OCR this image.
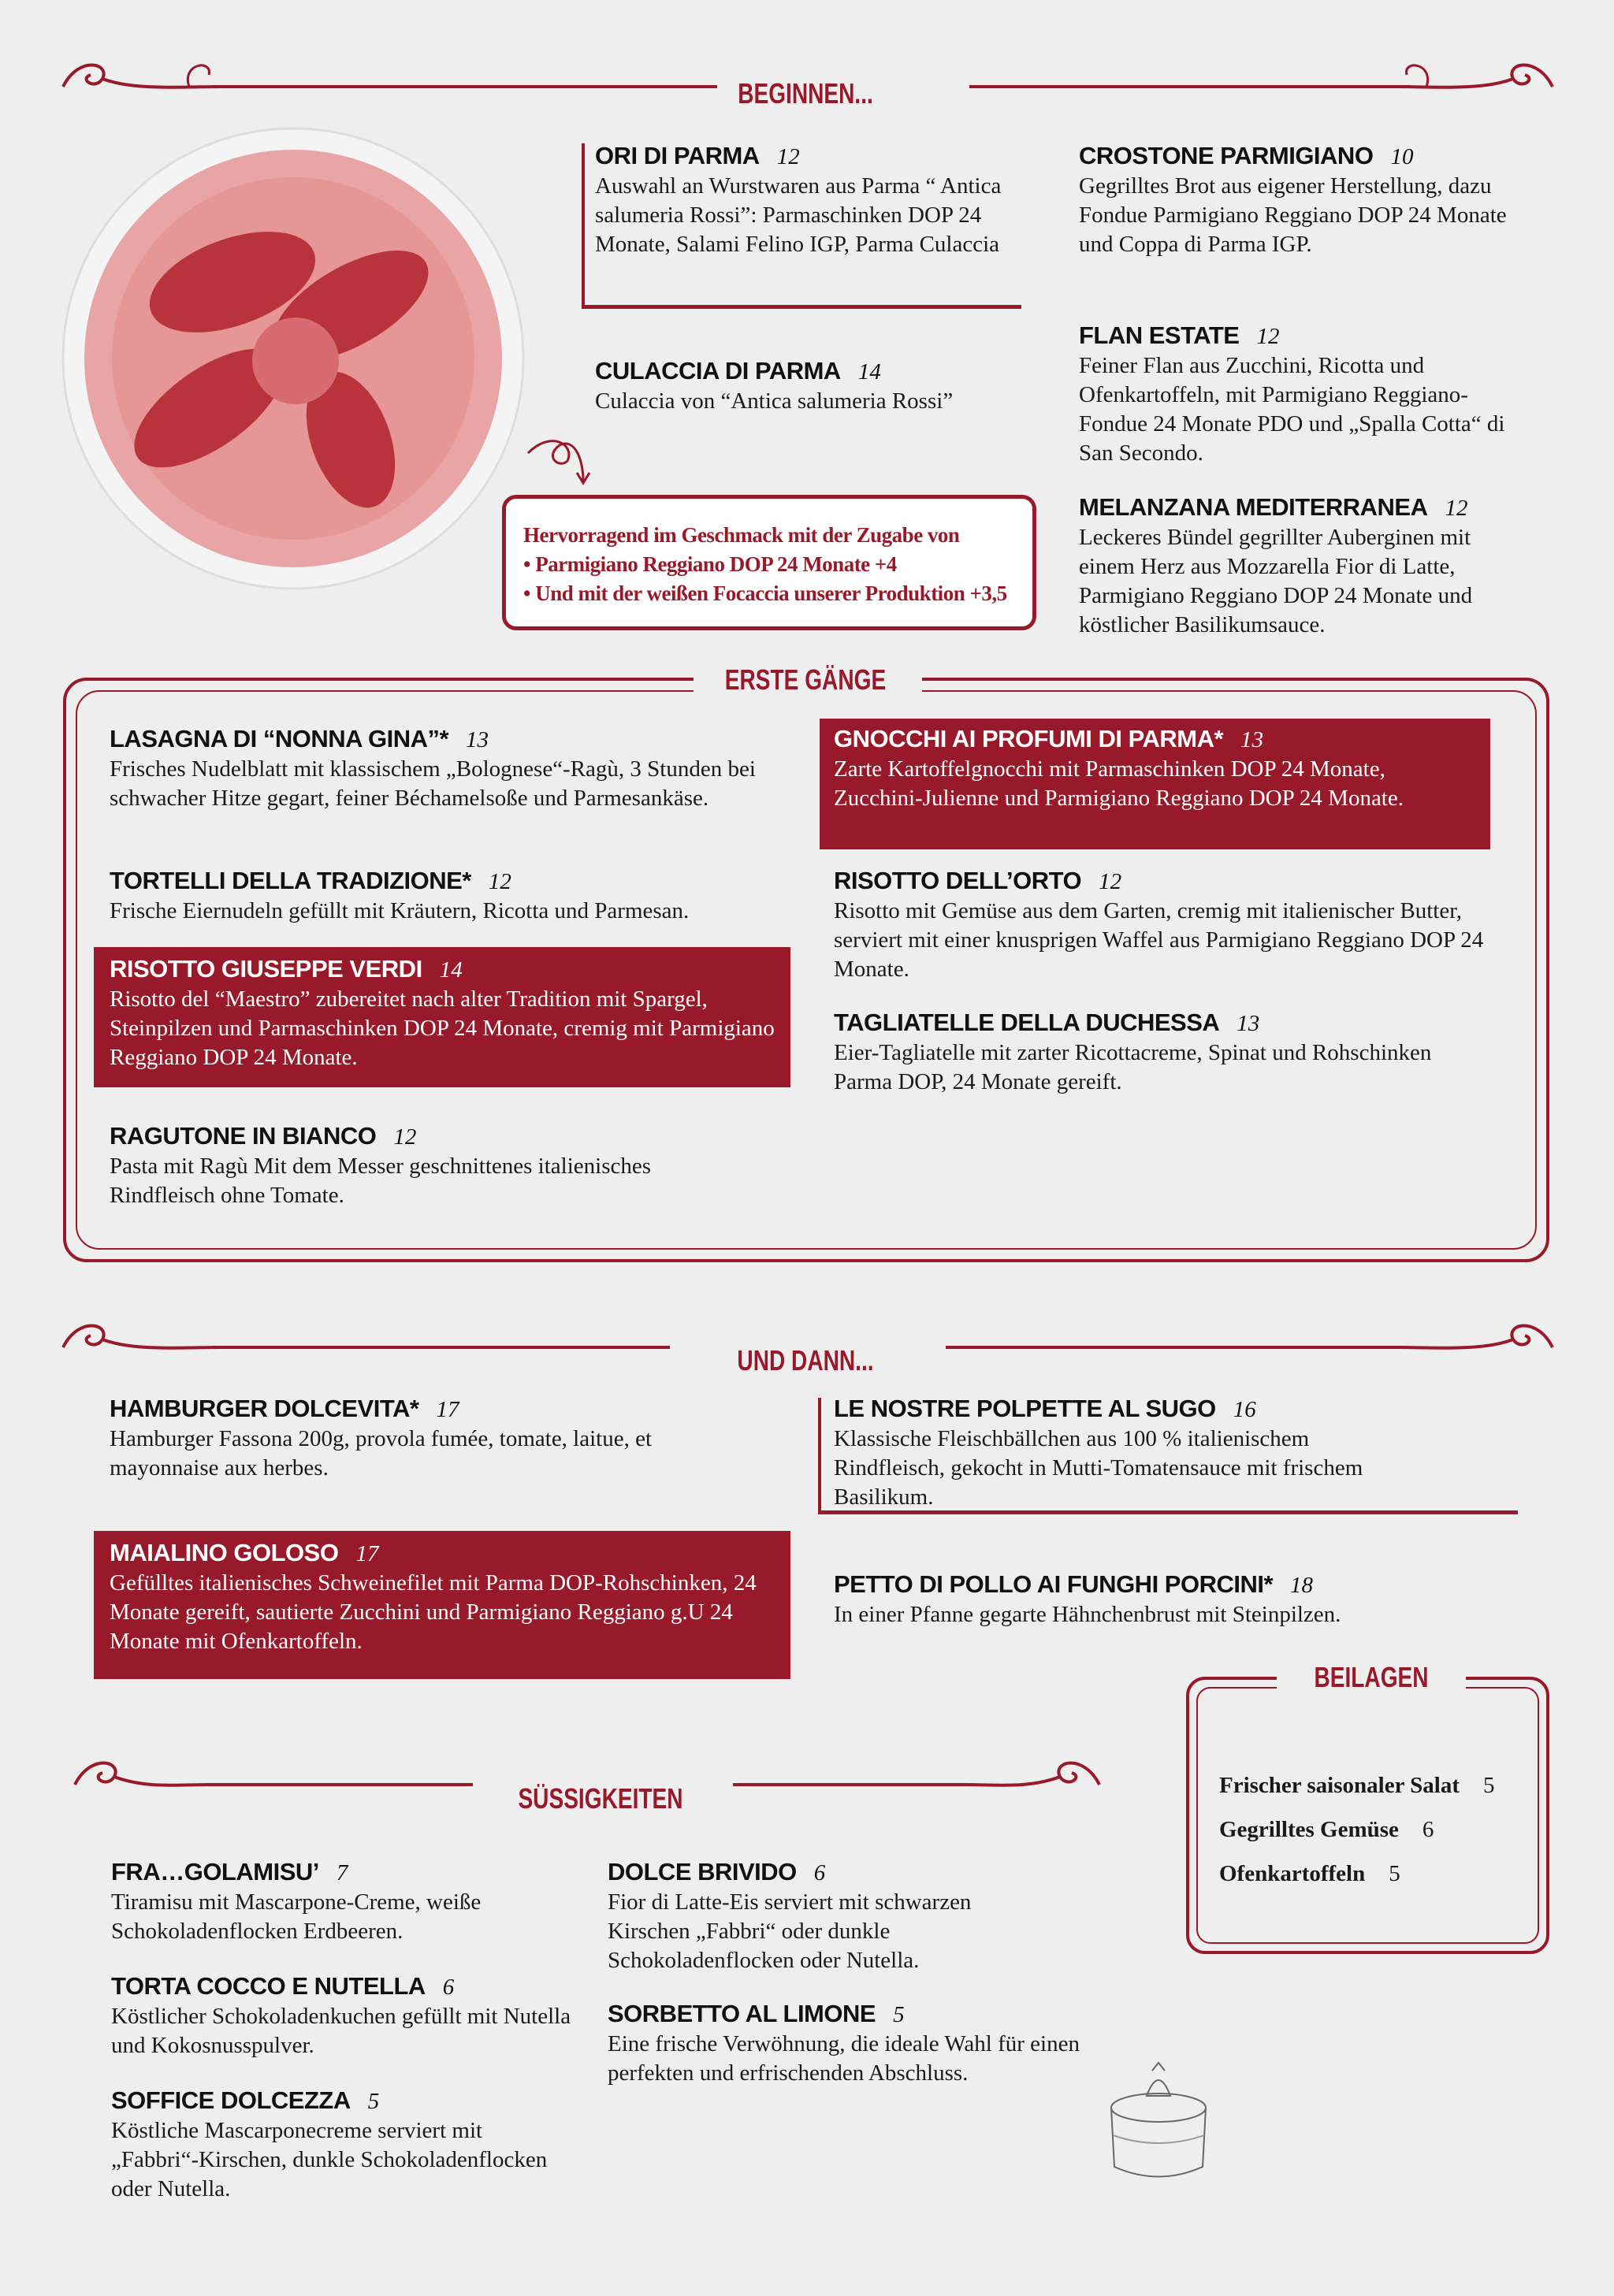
BEGINNEN...
ORI DI PARMA 12
Auswahl an Wurstwaren aus Parma “ Antica salumeria Rossi”: Parmaschinken DOP 24 Monate, Salami Felino IGP, Parma Culaccia
CULACCIA DI PARMA 14
Culaccia von “Antica salumeria Rossi”
CROSTONE PARMIGIANO 10
Gegrilltes Brot aus eigener Herstellung, dazu Fondue Parmigiano Reggiano DOP 24 Monate und Coppa di Parma IGP.
FLAN ESTATE 12
Feiner Flan aus Zucchini, Ricotta und Ofenkartoffeln, mit Parmigiano Reggiano-Fondue 24 Monate PDO und „Spalla Cotta“ di San Secondo.
MELANZANA MEDITERRANEA 12
Leckeres Bündel gegrillter Auberginen mit einem Herz aus Mozzarella Fior di Latte, Parmigiano Reggiano DOP 24 Monate und köstlicher Basilikumsauce.
Hervorragend im Geschmack mit der Zugabe von
• Parmigiano Reggiano DOP 24 Monate +4
• Und mit der weißen Focaccia unserer Produktion +3,5
ERSTE GÄNGE
LASAGNA DI “NONNA GINA”* 13
Frisches Nudelblatt mit klassischem „Bolognese“-Ragù, 3 Stunden bei schwacher Hitze gegart, feiner Béchamelsoße und Parmesankäse.
TORTELLI DELLA TRADIZIONE* 12
Frische Eiernudeln gefüllt mit Kräutern, Ricotta und Parmesan.
RISOTTO GIUSEPPE VERDI 14
Risotto del “Maestro” zubereitet nach alter Tradition mit Spargel, Steinpilzen und Parmaschinken DOP 24 Monate, cremig mit Parmigiano Reggiano DOP 24 Monate.
RAGUTONE IN BIANCO 12
Pasta mit Ragù Mit dem Messer geschnittenes italienisches Rindfleisch ohne Tomate.
GNOCCHI AI PROFUMI DI PARMA* 13
Zarte Kartoffelgnocchi mit Parmaschinken DOP 24 Monate, Zucchini-Julienne und Parmigiano Reggiano DOP 24 Monate.
RISOTTO DELL’ORTO 12
Risotto mit Gemüse aus dem Garten, cremig mit italienischer Butter, serviert mit einer knusprigen Waffel aus Parmigiano Reggiano DOP 24 Monate.
TAGLIATELLE DELLA DUCHESSA 13
Eier-Tagliatelle mit zarter Ricottacreme, Spinat und Rohschinken Parma DOP, 24 Monate gereift.
UND DANN...
HAMBURGER DOLCEVITA* 17
Hamburger Fassona 200g, provola fumée, tomate, laitue, et mayonnaise aux herbes.
MAIALINO GOLOSO 17
Gefülltes italienisches Schweinefilet mit Parma DOP-Rohschinken, 24 Monate gereift, sautierte Zucchini und Parmigiano Reggiano g.U 24 Monate mit Ofenkartoffeln.
LE NOSTRE POLPETTE AL SUGO 16
Klassische Fleischbällchen aus 100 % italienischem Rindfleisch, gekocht in Mutti-Tomatensauce mit frischem Basilikum.
PETTO DI POLLO AI FUNGHI PORCINI* 18
In einer Pfanne gegarte Hähnchenbrust mit Steinpilzen.
BEILAGEN
Frischer saisonaler Salat 5
Gegrilltes Gemüse 6
Ofenkartoffeln 5
SÜSSIGKEITEN
FRA…GOLAMISU’ 7
Tiramisu mit Mascarpone-Creme, weiße Schokoladenflocken Erdbeeren.
TORTA COCCO E NUTELLA 6
Köstlicher Schokoladenkuchen gefüllt mit Nutella und Kokosnusspulver.
SOFFICE DOLCEZZA 5
Köstliche Mascarponecreme serviert mit „Fabbri“-Kirschen, dunkle Schokoladenflocken oder Nutella.
DOLCE BRIVIDO 6
Fior di Latte-Eis serviert mit schwarzen Kirschen „Fabbri“ oder dunkle Schokoladenflocken oder Nutella.
SORBETTO AL LIMONE 5
Eine frische Verwöhnung, die ideale Wahl für einen perfekten und erfrischenden Abschluss.
